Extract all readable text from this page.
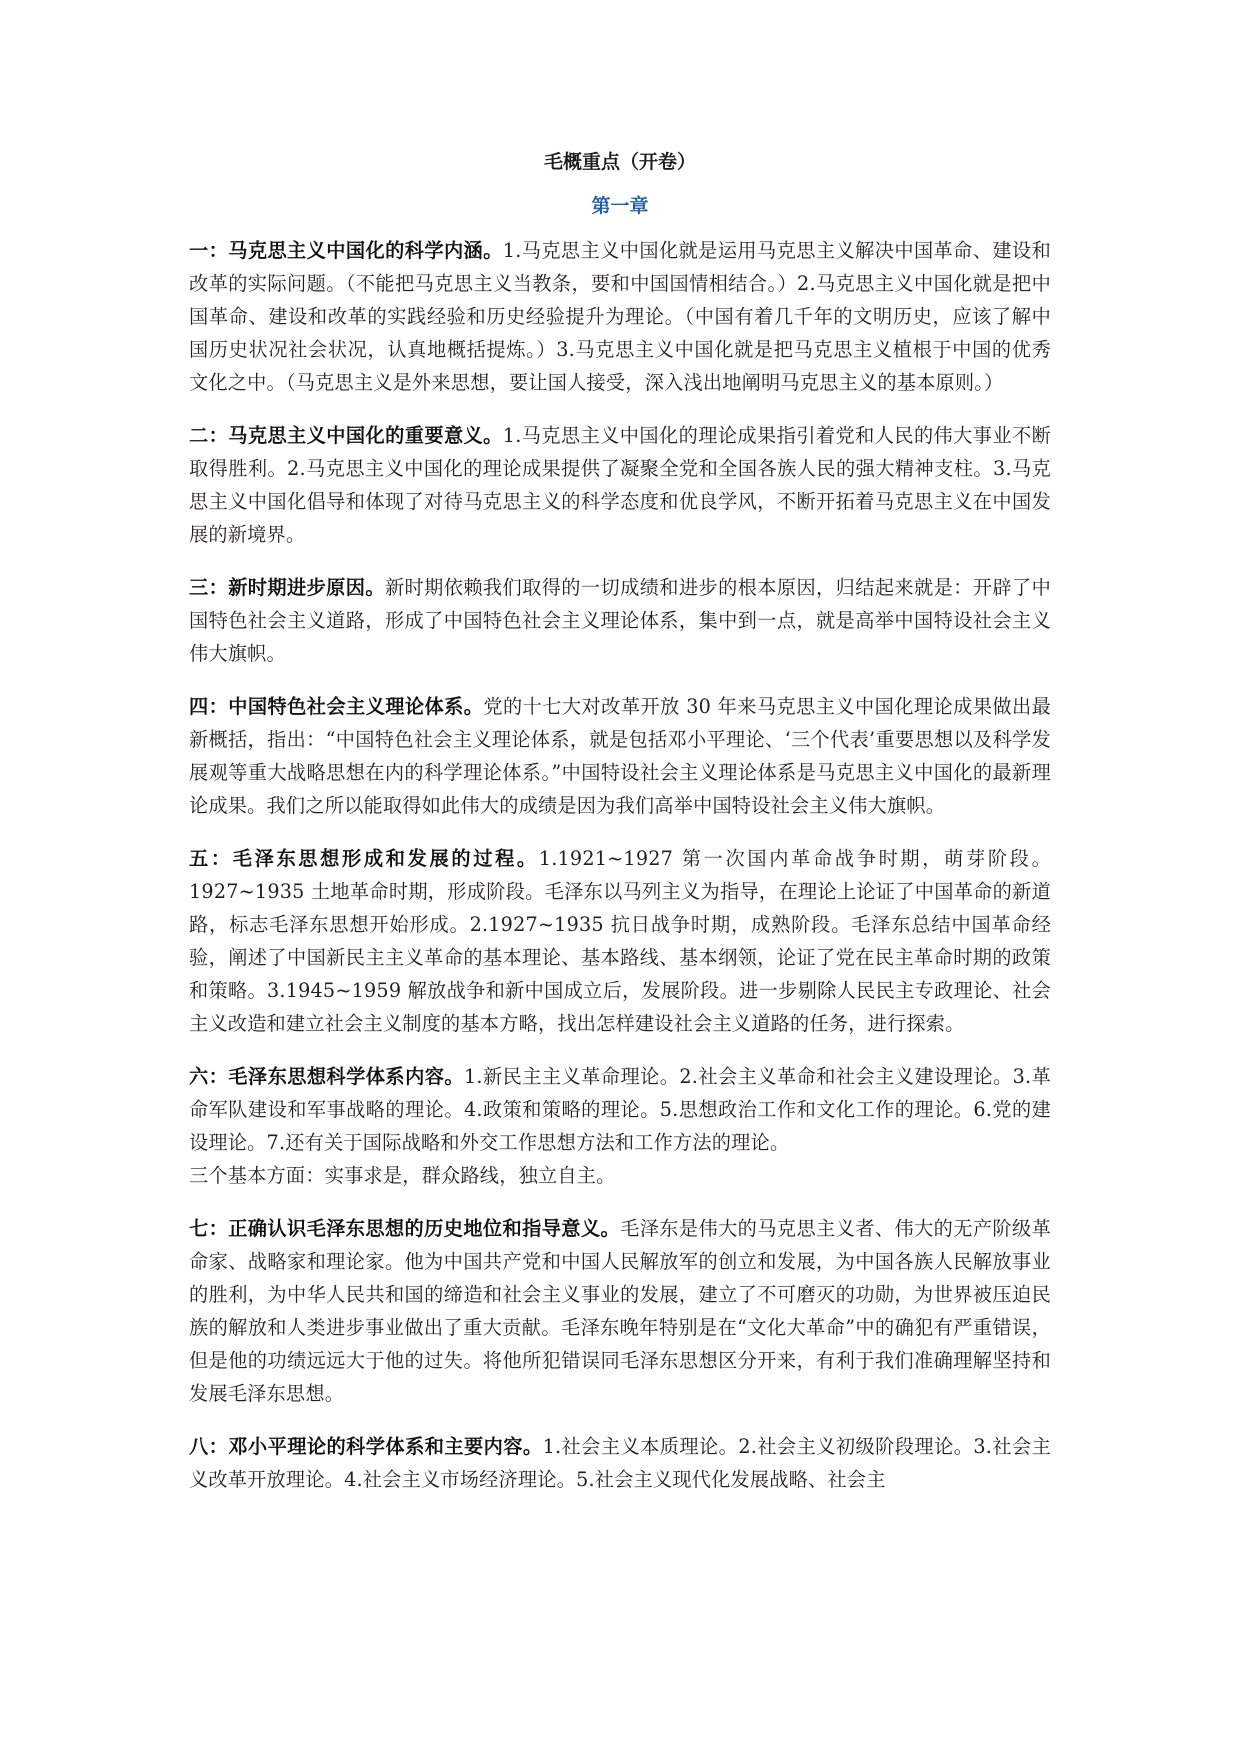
毛概重点（开卷）
第一章

一：马克思主义中国化的科学内涵。1.马克思主义中国化就是运用马克思主义解决中国革命、建设和改革的实际问题。（不能把马克思主义当教条，要和中国国情相结合。）2.马克思主义中国化就是把中国革命、建设和改革的实践经验和历史经验提升为理论。（中国有着几千年的文明历史，应该了解中国历史状况社会状况，认真地概括提炼。）3.马克思主义中国化就是把马克思主义植根于中国的优秀文化之中。（马克思主义是外来思想，要让国人接受，深入浅出地阐明马克思主义的基本原则。）

二：马克思主义中国化的重要意义。1.马克思主义中国化的理论成果指引着党和人民的伟大事业不断取得胜利。2.马克思主义中国化的理论成果提供了凝聚全党和全国各族人民的强大精神支柱。3.马克思主义中国化倡导和体现了对待马克思主义的科学态度和优良学风，不断开拓着马克思主义在中国发展的新境界。

三：新时期进步原因。新时期依赖我们取得的一切成绩和进步的根本原因，归结起来就是：开辟了中国特色社会主义道路，形成了中国特色社会主义理论体系，集中到一点，就是高举中国特设社会主义伟大旗帜。

四：中国特色社会主义理论体系。党的十七大对改革开放 30 年来马克思主义中国化理论成果做出最新概括，指出：“中国特色社会主义理论体系，就是包括邓小平理论、‘三个代表’重要思想以及科学发展观等重大战略思想在内的科学理论体系。”中国特设社会主义理论体系是马克思主义中国化的最新理论成果。我们之所以能取得如此伟大的成绩是因为我们高举中国特设社会主义伟大旗帜。

五：毛泽东思想形成和发展的过程。1.1921~1927 第一次国内革命战争时期，萌芽阶段。1927~1935 土地革命时期，形成阶段。毛泽东以马列主义为指导，在理论上论证了中国革命的新道路，标志毛泽东思想开始形成。2.1927~1935 抗日战争时期，成熟阶段。毛泽东总结中国革命经验，阐述了中国新民主主义革命的基本理论、基本路线、基本纲领，论证了党在民主革命时期的政策和策略。3.1945~1959 解放战争和新中国成立后，发展阶段。进一步剔除人民民主专政理论、社会主义改造和建立社会主义制度的基本方略，找出怎样建设社会主义道路的任务，进行探索。

六：毛泽东思想科学体系内容。1.新民主主义革命理论。2.社会主义革命和社会主义建设理论。3.革命军队建设和军事战略的理论。4.政策和策略的理论。5.思想政治工作和文化工作的理论。6.党的建设理论。7.还有关于国际战略和外交工作思想方法和工作方法的理论。
三个基本方面：实事求是，群众路线，独立自主。

七：正确认识毛泽东思想的历史地位和指导意义。毛泽东是伟大的马克思主义者、伟大的无产阶级革命家、战略家和理论家。他为中国共产党和中国人民解放军的创立和发展，为中国各族人民解放事业的胜利，为中华人民共和国的缔造和社会主义事业的发展，建立了不可磨灭的功勋，为世界被压迫民族的解放和人类进步事业做出了重大贡献。毛泽东晚年特别是在“文化大革命”中的确犯有严重错误，但是他的功绩远远大于他的过失。将他所犯错误同毛泽东思想区分开来，有利于我们准确理解坚持和发展毛泽东思想。

八：邓小平理论的科学体系和主要内容。1.社会主义本质理论。2.社会主义初级阶段理论。3.社会主义改革开放理论。4.社会主义市场经济理论。5.社会主义现代化发展战略、社会主
